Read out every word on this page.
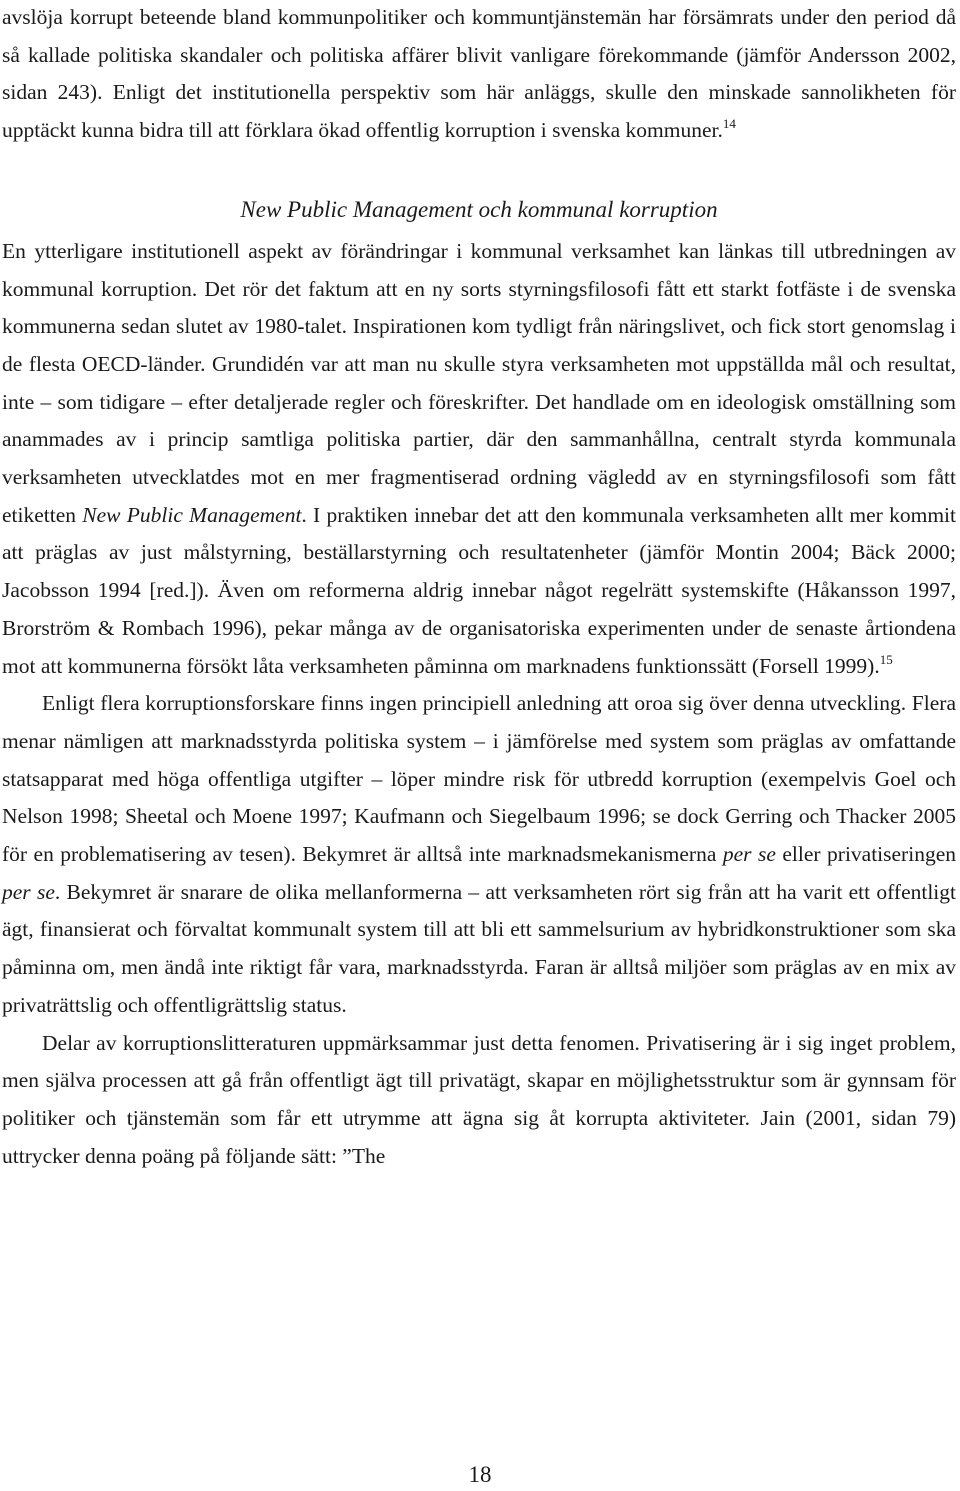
avslöja korrupt beteende bland kommunpolitiker och kommuntjänstemän har försämrats under den period då så kallade politiska skandaler och politiska affärer blivit vanligare förekommande (jämför Andersson 2002, sidan 243). Enligt det institutionella perspektiv som här anläggs, skulle den minskade sannolikheten för upptäckt kunna bidra till att förklara ökad offentlig korruption i svenska kommuner.$^{14}$

New Public Management och kommunal korruption

En ytterligare institutionell aspekt av förändringar i kommunal verksamhet kan länkas till utbredningen av kommunal korruption. Det rör det faktum att en ny sorts styrningsfilosofi fått ett starkt fotfäste i de svenska kommunerna sedan slutet av 1980-talet. Inspirationen kom tydligt från näringslivet, och fick stort genomslag i de flesta OECD-länder. Grundidén var att man nu skulle styra verksamheten mot uppställda mål och resultat, inte – som tidigare – efter detaljerade regler och föreskrifter. Det handlade om en ideologisk omställning som anammades av i princip samtliga politiska partier, där den sammanhållna, centralt styrda kommunala verksamheten utvecklatdes mot en mer fragmentiserad ordning vägledd av en styrningsfilosofi som fått etiketten New Public Management. I praktiken innebar det att den kommunala verksamheten allt mer kommit att präglas av just målstyrning, beställarstyrning och resultatenheter (jämför Montin 2004; Bäck 2000; Jacobsson 1994 [red.]). Även om reformerna aldrig innebar något regelrätt systemskifte (Håkansson 1997, Brorström & Rombach 1996), pekar många av de organisatoriska experimenten under de senaste årtiondena mot att kommunerna försökt låta verksamheten påminna om marknadens funktionssätt (Forsell 1999).$^{15}$

Enligt flera korruptionsforskare finns ingen principiell anledning att oroa sig över denna utveckling. Flera menar nämligen att marknadsstyrda politiska system – i jämförelse med system som präglas av omfattande statsapparat med höga offentliga utgifter – löper mindre risk för utbredd korruption (exempelvis Goel och Nelson 1998; Sheetal och Moene 1997; Kaufmann och Siegelbaum 1996; se dock Gerring och Thacker 2005 för en problematisering av tesen). Bekymret är alltså inte marknadsmekanismerna per se eller privatiseringen per se. Bekymret är snarare de olika mellanformerna – att verksamheten rört sig från att ha varit ett offentligt ägt, finansierat och förvaltat kommunalt system till att bli ett sammelsurium av hybridkonstruktioner som ska påminna om, men ändå inte riktigt får vara, marknadsstyrda. Faran är alltså miljöer som präglas av en mix av privaträttslig och offentligrättslig status.

Delar av korruptionslitteraturen uppmärksammar just detta fenomen. Privatisering är i sig inget problem, men själva processen att gå från offentligt ägt till privatägt, skapar en möjlighetsstruktur som är gynnsam för politiker och tjänstemän som får ett utrymme att ägna sig åt korrupta aktiviteter. Jain (2001, sidan 79) uttrycker denna poäng på följande sätt: ”The

18
